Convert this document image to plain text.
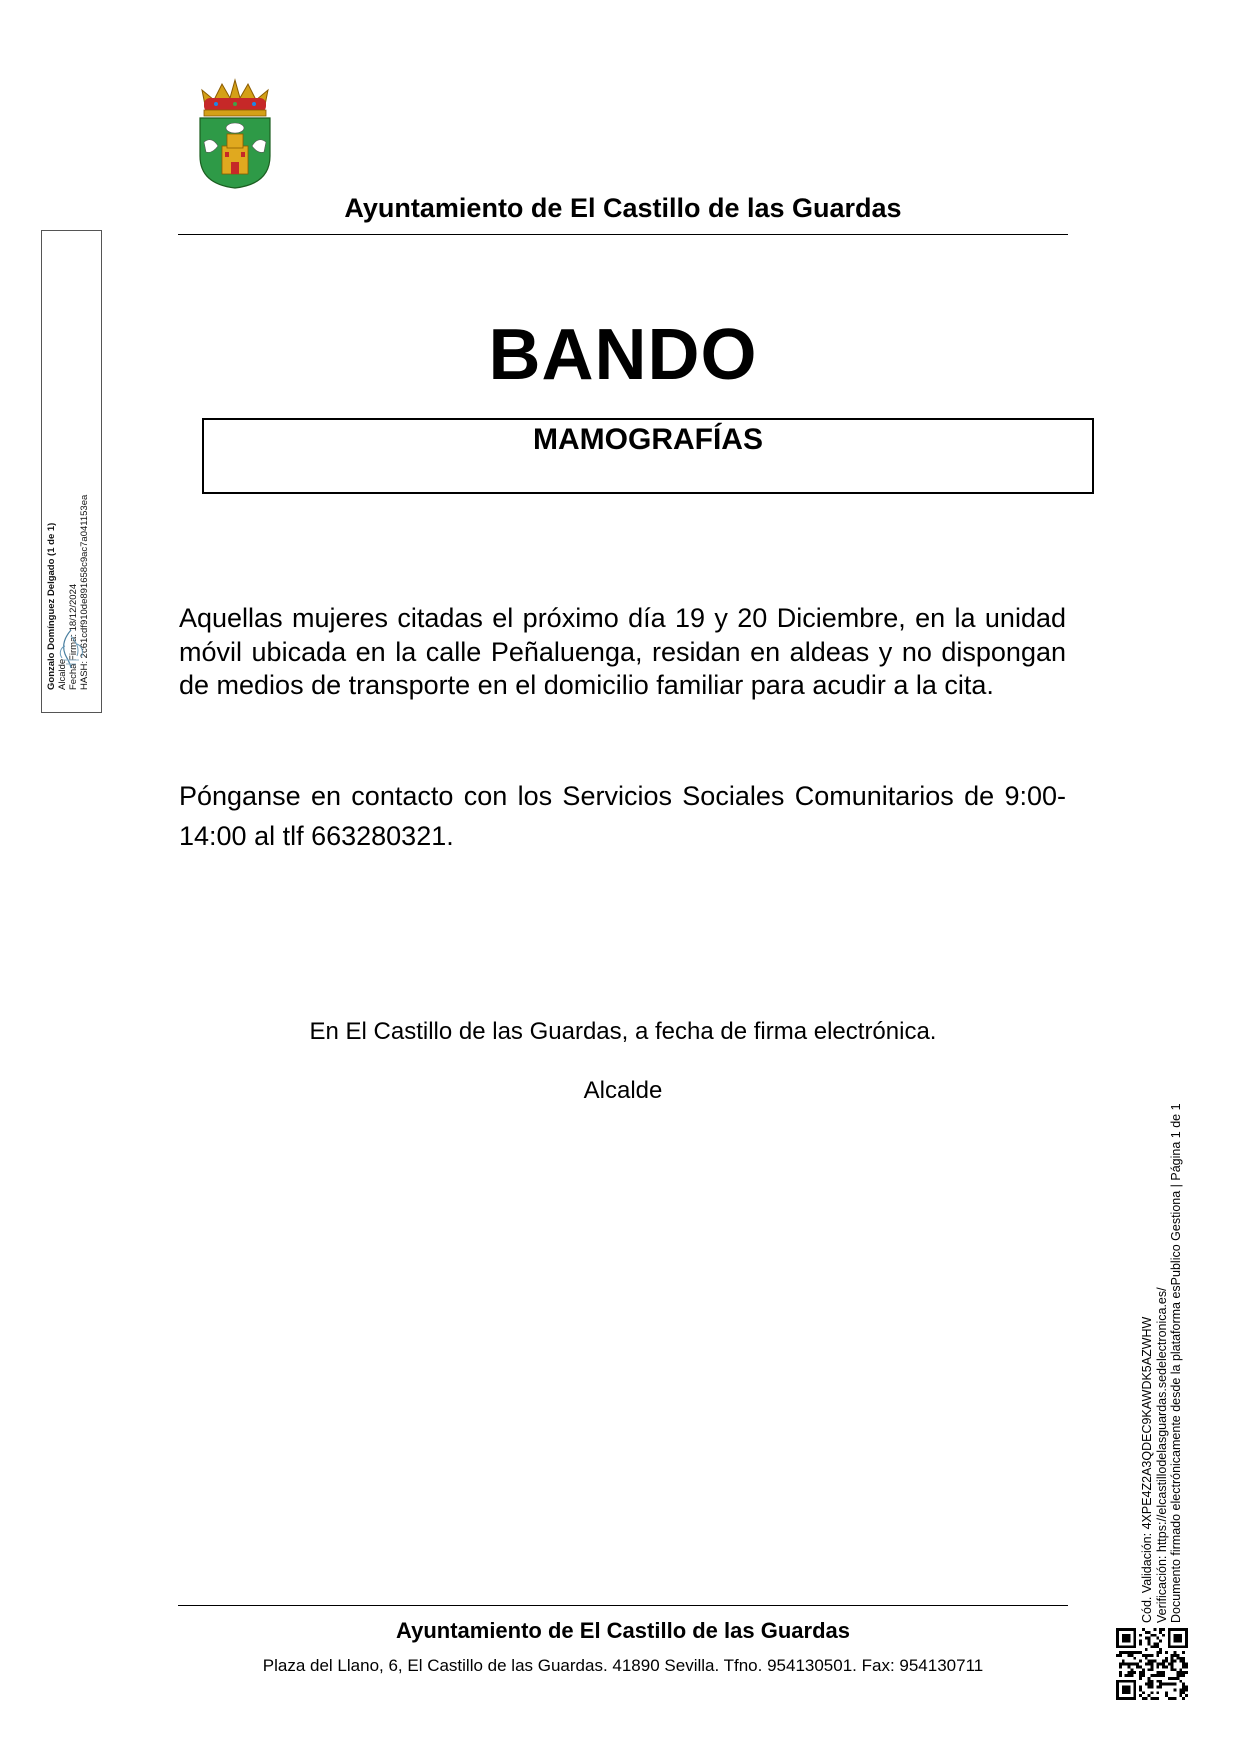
Ayuntamiento de El Castillo de las Guardas
BANDO
MAMOGRAFÍAS
Aquellas mujeres citadas el próximo día 19 y 20 Diciembre, en la unidad móvil ubicada en la calle Peñaluenga, residan en aldeas y no dispongan de medios de transporte en el domicilio familiar para acudir a la cita.
Pónganse en contacto con los Servicios Sociales Comunitarios de 9:00-14:00 al tlf 663280321.
En El Castillo de las Guardas, a fecha de firma electrónica.
Alcalde
Gonzalo Domínguez Delgado (1 de 1) Alcalde Fecha Firma: 18/12/2024 HASH: 2c61cdf910de891658c9ac7a041153ea
Cód. Validación: 4XPE4Z2A3QDEC9KAWDK5AZWHW Verificación: https://elcastillodelasguardas.sedelectronica.es/ Documento firmado electrónicamente desde la plataforma esPublico Gestiona | Página 1 de 1
Ayuntamiento de El Castillo de las Guardas
Plaza del Llano, 6, El Castillo de las Guardas. 41890 Sevilla. Tfno. 954130501. Fax: 954130711
